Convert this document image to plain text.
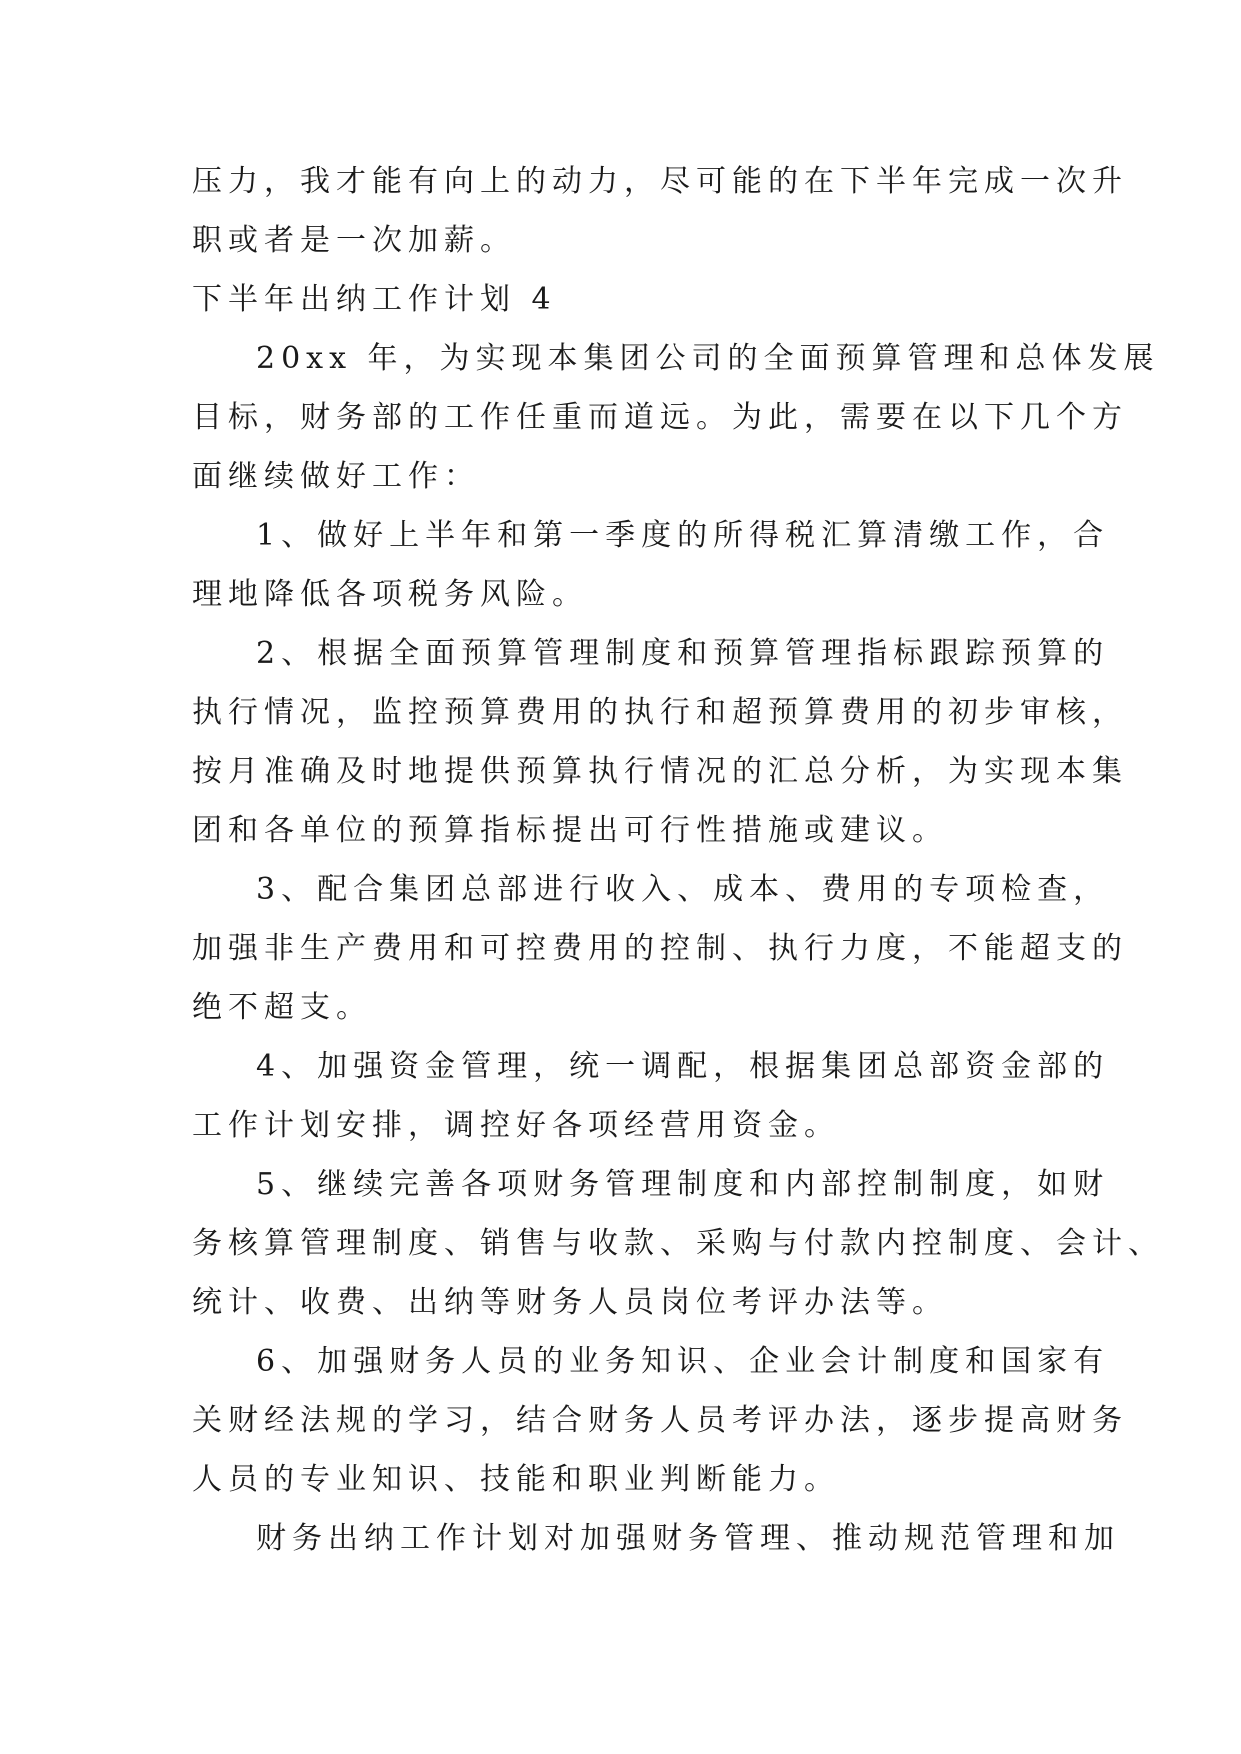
压力，我才能有向上的动力，尽可能的在下半年完成一次升
职或者是一次加薪。
下半年出纳工作计划 4
20xx 年，为实现本集团公司的全面预算管理和总体发展
目标，财务部的工作任重而道远。为此，需要在以下几个方
面继续做好工作：
1、做好上半年和第一季度的所得税汇算清缴工作，合
理地降低各项税务风险。
2、根据全面预算管理制度和预算管理指标跟踪预算的
执行情况，监控预算费用的执行和超预算费用的初步审核，
按月准确及时地提供预算执行情况的汇总分析，为实现本集
团和各单位的预算指标提出可行性措施或建议。
3、配合集团总部进行收入、成本、费用的专项检查，
加强非生产费用和可控费用的控制、执行力度，不能超支的
绝不超支。
4、加强资金管理，统一调配，根据集团总部资金部的
工作计划安排，调控好各项经营用资金。
5、继续完善各项财务管理制度和内部控制制度，如财
务核算管理制度、销售与收款、采购与付款内控制度、会计、
统计、收费、出纳等财务人员岗位考评办法等。
6、加强财务人员的业务知识、企业会计制度和国家有
关财经法规的学习，结合财务人员考评办法，逐步提高财务
人员的专业知识、技能和职业判断能力。
财务出纳工作计划对加强财务管理、推动规范管理和加
